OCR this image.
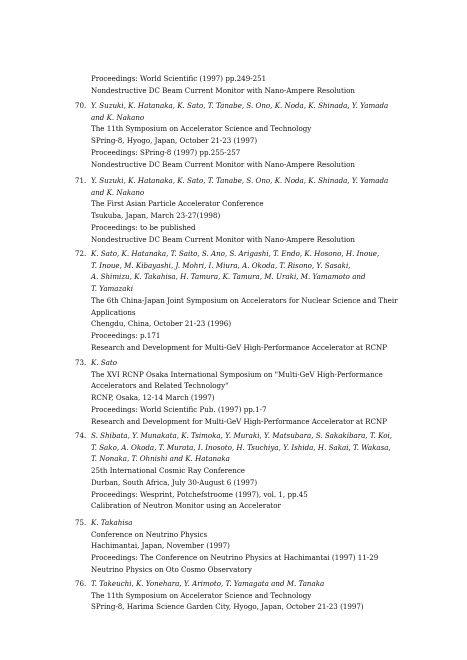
Proceedings: World Scientific (1997) pp.249-251
Nondestructive DC Beam Current Monitor with Nano-Ampere Resolution
70. Y. Suzuki, K. Hatanaka, K. Sato, T. Tanabe, S. Ono, K. Noda, K. Shinada, Y. Yamada
and K. Nakano
The 11th Symposium on Accelerator Science and Technology
SPring-8, Hyogo, Japan, October 21-23 (1997)
Proceedings: SPring-8 (1997) pp.255-257
Nondestructive DC Beam Current Monitor with Nano-Ampere Resolution
71. Y. Suzuki, K. Hatanaka, K. Sato, T. Tanabe, S. Ono, K. Noda, K. Shinada, Y. Yamada
and K. Nakano
The First Asian Particle Accelerator Conference
Tsukuba, Japan, March 23-27(1998)
Proceedings: to be published
Nondestructive DC Beam Current Monitor with Nano-Ampere Resolution
72. K. Sato, K. Hatanaka, T. Saito, S. Ano, S. Arigashi, T. Endo, K. Hosono, H. Inoue,
T. Inoue, M. Kibayashi, J. Mohri, I. Miura, A. Okoda, T. Risono, Y. Sasaki,
A. Shimizu, K. Takahisa, H. Tamura, K. Tamura, M. Uraki, M. Yamamoto and
T. Yamazaki
The 6th China-Japan Joint Symposium on Accelerators for Nuclear Science and Their
Applications
Chengdu, China, October 21-23 (1996)
Proceedings: p.171
Research and Development for Multi-GeV High-Performance Accelerator at RCNP
73. K. Sato
The XVI RCNP Osaka International Symposium on "Multi-GeV High-Performance
Accelerators and Related Technology"
RCNP, Osaka, 12-14 March (1997)
Proceedings: World Scientific Pub. (1997) pp.1-7
Research and Development for Multi-GeV High-Performance Accelerator at RCNP
74. S. Shibata, Y. Munakata, K. Tsimoka, Y. Muraki, Y. Matsubara, S. Sakakibara, T. Koi,
T. Sako, A. Okoda, T. Murata, I. Inosoto, H. Tsuchiya, Y. Ishida, H. Sakai, T. Wakasa,
T. Nonaka, T. Ohnishi and K. Hatanaka
25th International Cosmic Ray Conference
Durban, South Africa, July 30-August 6 (1997)
Proceedings: Wesprint, Potchefstroome (1997), vol. 1, pp.45
Calibration of Neutron Monitor using an Accelerator
75. K. Takahisa
Conference on Neutrino Physics
Hachimantai, Japan, November (1997)
Proceedings: The Conference on Neutrino Physics at Hachimantai (1997) 11-29
Neutrino Physics on Oto Cosmo Observatory
76. T. Takeuchi, K. Yonehara, Y. Arimoto, T. Yamagata and M. Tanaka
The 11th Symposium on Accelerator Science and Technology
SPring-8, Harima Science Garden City, Hyogo, Japan, October 21-23 (1997)
